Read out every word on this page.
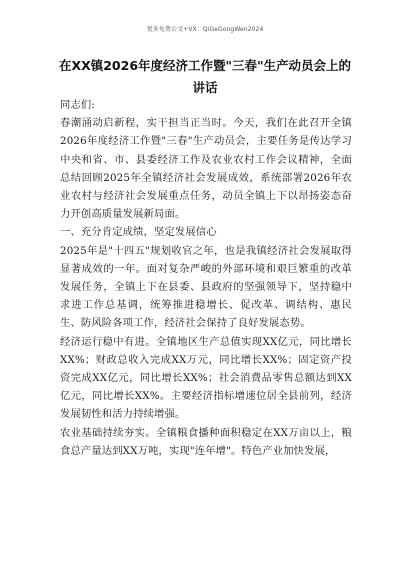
更多免费公文+VX：QiGeGongWen2024
在XX镇2026年度经济工作暨"三春"生产动员会上的
讲话

同志们:

春潮涌动启新程，实干担当正当时。今天，我们在此召开全镇2026年度经济工作暨"三春"生产动员会，主要任务是传达学习中央和省、市、县委经济工作及农业农村工作会议精神，全面总结回顾2025年全镇经济社会发展成效，系统部署2026年农业农村与经济社会发展重点任务，动员全镇上下以昂扬姿态奋力开创高质量发展新局面。

一、充分肯定成绩，坚定发展信心

2025年是"十四五"规划收官之年，也是我镇经济社会发展取得显著成效的一年。面对复杂严峻的外部环境和艰巨繁重的改革发展任务，全镇上下在县委、县政府的坚强领导下，坚持稳中求进工作总基调，统筹推进稳增长、促改革、调结构、惠民生、防风险各项工作，经济社会保持了良好发展态势。

经济运行稳中有进。全镇地区生产总值实现XX亿元，同比增长XX%；财政总收入完成XX万元，同比增长XX%；固定资产投资完成XX亿元，同比增长XX%；社会消费品零售总额达到XX亿元，同比增长XX%。主要经济指标增速位居全县前列，经济发展韧性和活力持续增强。

农业基础持续夯实。全镇粮食播种面积稳定在XX万亩以上，粮食总产量达到XX万吨，实现"连年增"。特色产业加快发展，
